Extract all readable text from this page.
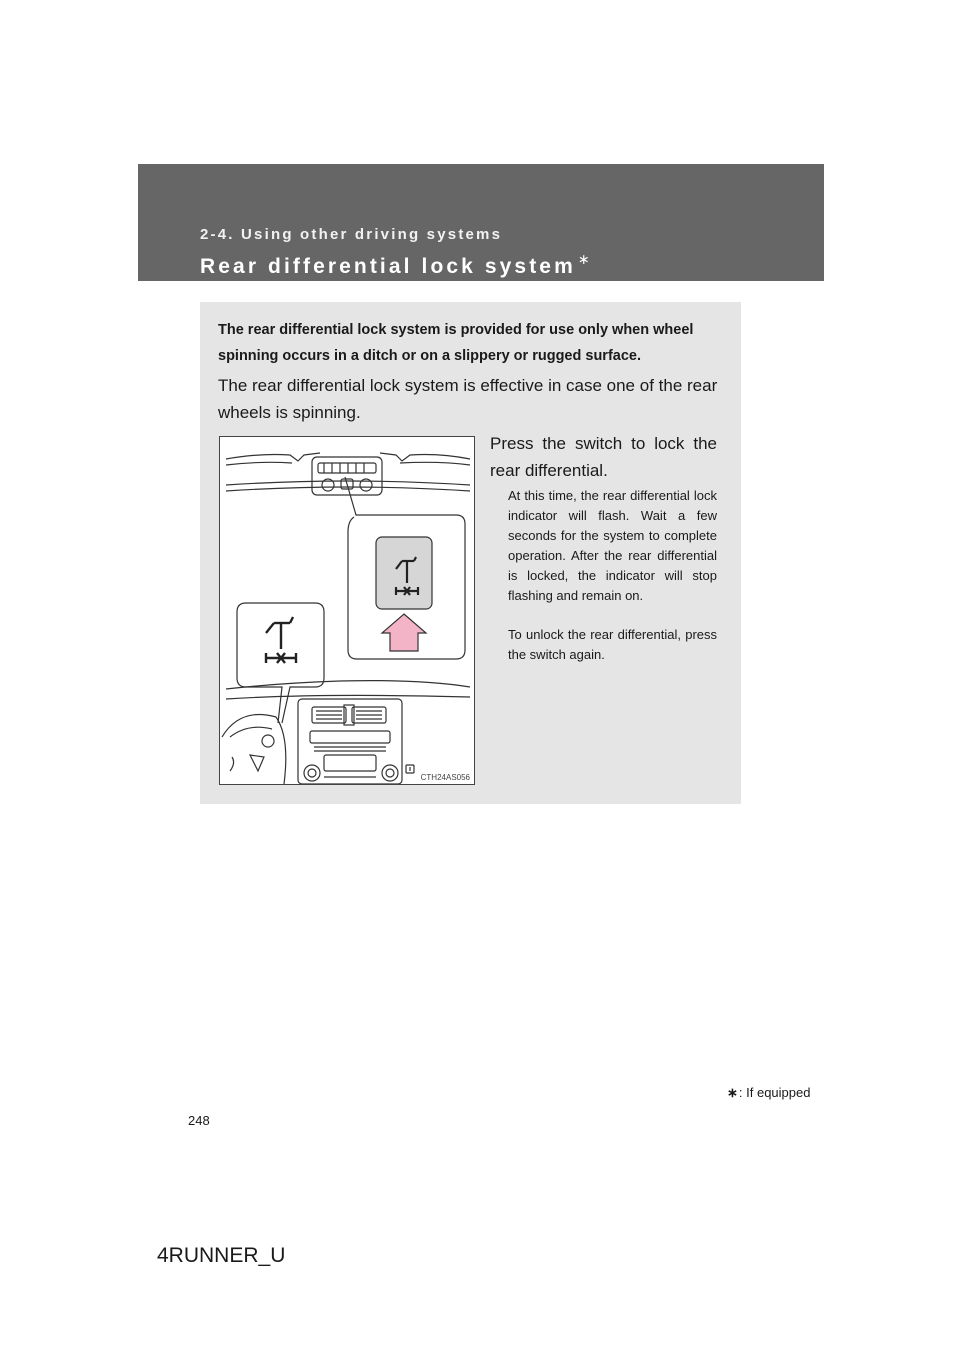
2-4. Using other driving systems
Rear differential lock system ∗
The rear differential lock system is provided for use only when wheel spinning occurs in a ditch or on a slippery or rugged surface.
The rear differential lock system is effective in case one of the rear wheels is spinning.
CTH24AS056
Press the switch to lock the rear differential.
At this time, the rear differential lock indicator will flash. Wait a few seconds for the system to complete operation. After the rear differential is locked, the indicator will stop flashing and remain on.
To unlock the rear differential, press the switch again.
∗: If equipped
248
4RUNNER_U
